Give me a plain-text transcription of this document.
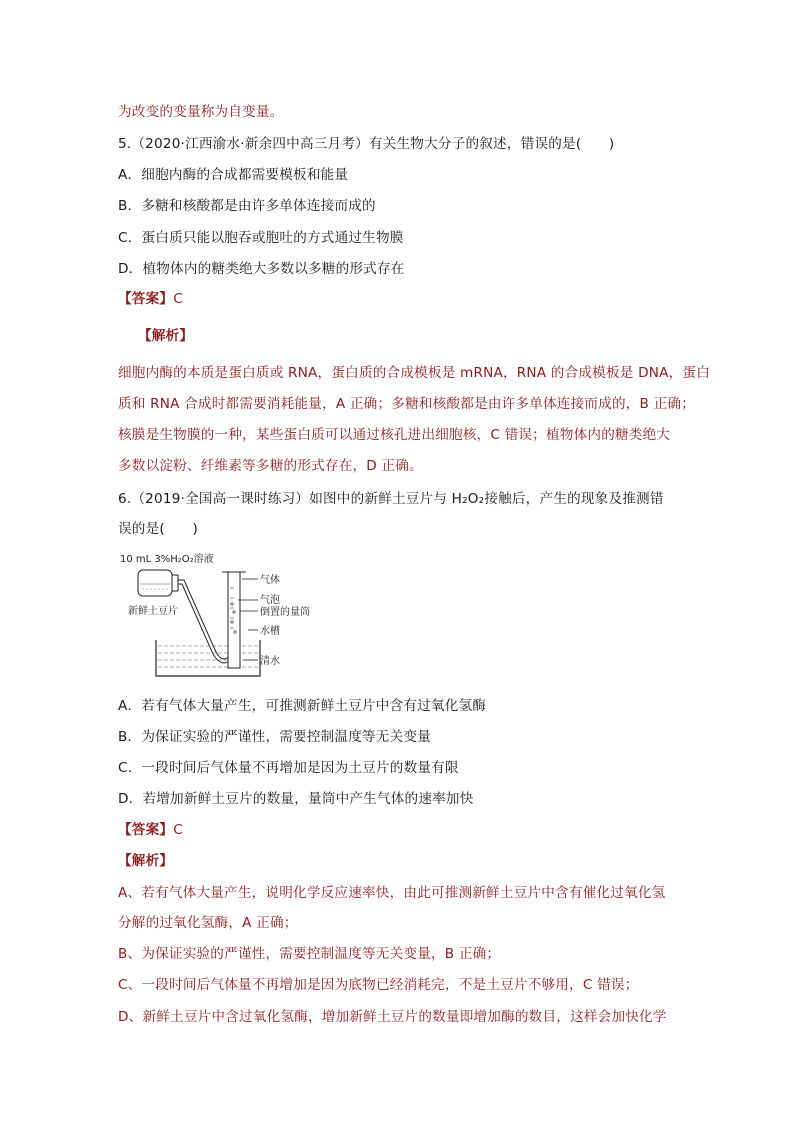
为改变的变量称为自变量。
5.（2020·江西渝水·新余四中高三月考）有关生物大分子的叙述，错误的是(　　)
A．细胞内酶的合成都需要模板和能量
B．多糖和核酸都是由许多单体连接而成的
C．蛋白质只能以胞吞或胞吐的方式通过生物膜
D．植物体内的糖类绝大多数以多糖的形式存在
【答案】C
【解析】
细胞内酶的本质是蛋白质或 RNA，蛋白质的合成模板是 mRNA，RNA 的合成模板是 DNA，蛋白
质和 RNA 合成时都需要消耗能量，A 正确；多糖和核酸都是由许多单体连接而成的，B 正确；
核膜是生物膜的一种，某些蛋白质可以通过核孔进出细胞核，C 错误；植物体内的糖类绝大
多数以淀粉、纤维素等多糖的形式存在，D 正确。
6.（2019·全国高一课时练习）如图中的新鲜土豆片与 H₂O₂接触后，产生的现象及推测错
误的是(　　)
10 mL 3%H₂O₂溶液
新鲜土豆片
气体
气泡
倒置的量筒
水槽
清水
A．若有气体大量产生，可推测新鲜土豆片中含有过氧化氢酶
B．为保证实验的严谨性，需要控制温度等无关变量
C．一段时间后气体量不再增加是因为土豆片的数量有限
D．若增加新鲜土豆片的数量，量筒中产生气体的速率加快
【答案】C
【解析】
A、若有气体大量产生，说明化学反应速率快，由此可推测新鲜土豆片中含有催化过氧化氢
分解的过氧化氢酶，A 正确；
B、为保证实验的严谨性，需要控制温度等无关变量，B 正确；
C、一段时间后气体量不再增加是因为底物已经消耗完，不是土豆片不够用，C 错误；
D、新鲜土豆片中含过氧化氢酶，增加新鲜土豆片的数量即增加酶的数目，这样会加快化学
